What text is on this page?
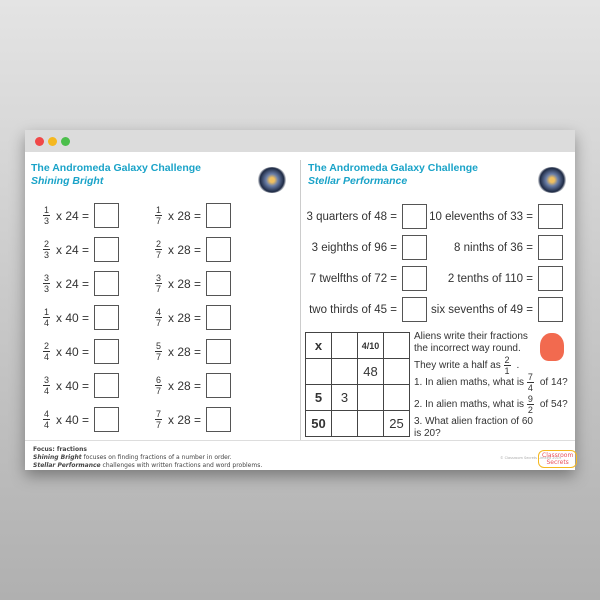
The Andromeda Galaxy Challenge
Shining Bright
The Andromeda Galaxy Challenge
Stellar Performance
$\frac{1}{3}$ x 24 =
$\frac{2}{3}$ x 24 =
$\frac{3}{3}$ x 24 =
$\frac{1}{4}$ x 40 =
$\frac{2}{4}$ x 40 =
$\frac{3}{4}$ x 40 =
$\frac{4}{4}$ x 40 =
$\frac{1}{7}$ x 28 =
$\frac{2}{7}$ x 28 =
$\frac{3}{7}$ x 28 =
$\frac{4}{7}$ x 28 =
$\frac{5}{7}$ x 28 =
$\frac{6}{7}$ x 28 =
$\frac{7}{7}$ x 28 =
3 quarters of 48 =
3 eighths of 96 =
7 twelfths of 72 =
two thirds of 45 =
10 elevenths of 33 =
8 ninths of 36 =
2 tenths of 110 =
six sevenths of 49 =
x		4/10	
		48	
5	3		
50			25
Aliens write their fractions
the incorrect way round.
They write a half as
$\frac{2}{1}$ .
1. In alien maths, what is
$\frac{7}{4}$ of 14?
2. In alien maths, what is
$\frac{9}{2}$ of 54?
3. What alien fraction of 60
is 20?
Focus: fractions
Shining Bright focuses on finding fractions of a number in order.
Stellar Performance challenges with written fractions and word problems.
© Classroom Secrets Limited 2019
Classroom Secrets
